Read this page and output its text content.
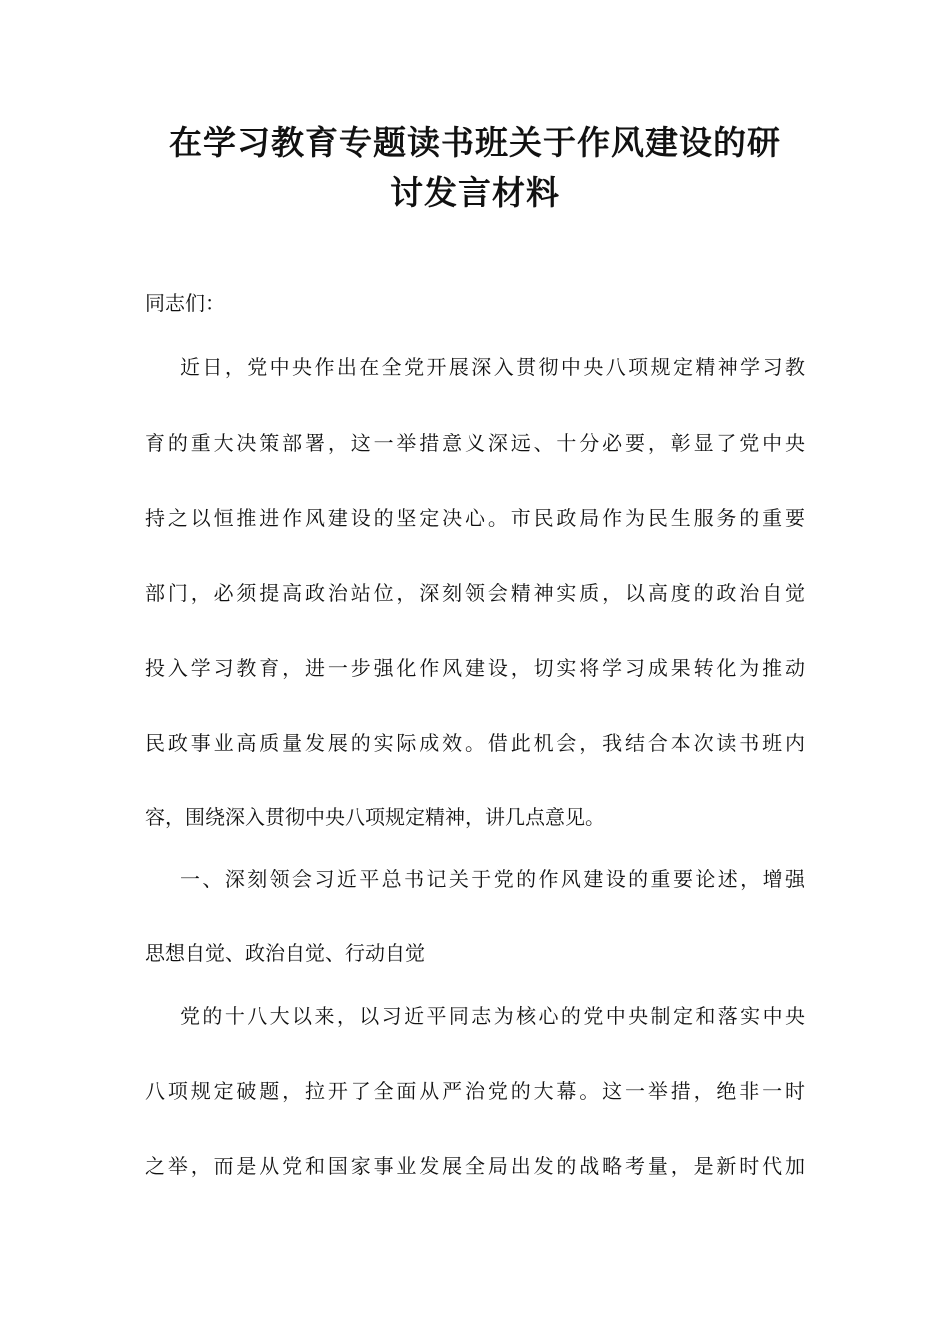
在学习教育专题读书班关于作风建设的研
讨发言材料
同志们：
近日，党中央作出在全党开展深入贯彻中央八项规定精神学习教
育的重大决策部署，这一举措意义深远、十分必要，彰显了党中央
持之以恒推进作风建设的坚定决心。市民政局作为民生服务的重要
部门，必须提高政治站位，深刻领会精神实质，以高度的政治自觉
投入学习教育，进一步强化作风建设，切实将学习成果转化为推动
民政事业高质量发展的实际成效。借此机会，我结合本次读书班内
容，围绕深入贯彻中央八项规定精神，讲几点意见。
一、深刻领会习近平总书记关于党的作风建设的重要论述，增强
思想自觉、政治自觉、行动自觉
党的十八大以来，以习近平同志为核心的党中央制定和落实中央
八项规定破题，拉开了全面从严治党的大幕。这一举措，绝非一时
之举，而是从党和国家事业发展全局出发的战略考量，是新时代加
